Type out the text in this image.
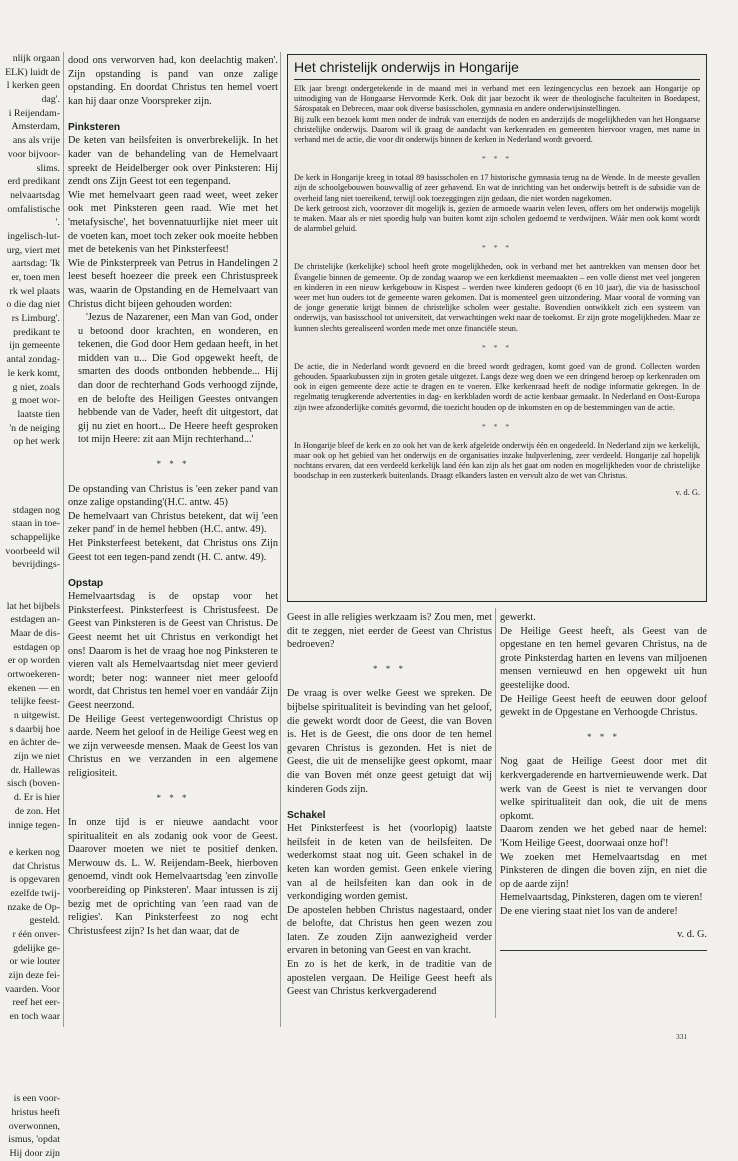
nlijk orgaan
ELK) luidt de
l kerken geen
dag'.
i Reijendam-
Amsterdam,
ans als vrije
voor bijvoor-
slims.
erd predikant
nelvaartsdag
omfalistische
'.
ingelisch-lut-
urg, viert met
aartsdag: 'Ik
er, toen men
rk wel plaats
o die dag niet
rs Limburg'.
predikant te
ijn gemeente
antal zondag-
le kerk komt,
g niet, zoals
g moet wor-
laatste tien
'n de neiging
op het werk
stdagen nog
staan in toe-
schappelijke
voorbeeld wil
bevrijdings-
lat het bijbels
estdagen an-
Maar de dis-
estdagen op
er op worden
ortwoekeren-
ekenen — en
telijke feest-
n uitgewist.
s daarbij hoe
en ächter de-
zijn we niet
dr. Hallewas
sisch (boven-
d. Er is hier
de zon. Het
innige tegen-
e kerken nog
dat Christus
is opgevaren
ezelfde twij-
nzake de Op-
gesteld.
r één onver-
gdelijke ge-
or wie louter
zijn deze fei-
vaarden. Voor
reef het eer-
en toch waar
is een voor-
hristus heeft
overwonnen,
ismus, 'opdat
Hij door zijn

dood ons verworven had, kon deelachtig maken'. Zijn opstanding is pand van onze zalige opstanding. En doordat Christus ten hemel voert kan hij daar onze Voorspreker zijn.

Pinksteren

De keten van heilsfeiten is onverbrekelijk. In het kader van de behandeling van de Hemelvaart spreekt de Heidelberger ook over Pinksteren: Hij zendt ons Zijn Geest tot een tegenpand.

Wie met hemelvaart geen raad weet, weet zeker ook met Pinksteren geen raad. Wie met het 'metafysische', het bovennatuurlijke niet meer uit de voeten kan, moet toch zeker ook moeite hebben met de betekenis van het Pinksterfeest!

Wie de Pinksterpreek van Petrus in Handelingen 2 leest beseft hoezeer die preek een Christuspreek was, waarin de Opstanding en de Hemelvaart van Christus dicht bijeen gehouden worden:

'Jezus de Nazarener, een Man van God, onder u betoond door krachten, en wonderen, en tekenen, die God door Hem gedaan heeft, in het midden van u... Die God opgewekt heeft, de smarten des doods ontbonden hebbende... Hij dan door de rechterhand Gods verhoogd zijnde, en de belofte des Heiligen Geestes ontvangen hebbende van de Vader, heeft dit uitgestort, dat gij nu ziet en hoort... De Heere heeft gesproken tot mijn Heere: zit aan Mijn rechterhand...'

* * *

De opstanding van Christus is 'een zeker pand van onze zalige opstanding'(H.C. antw. 45)

De hemelvaart van Christus betekent, dat wij 'een zeker pand' in de hemel hebben (H.C. antw. 49).

Het Pinksterfeest betekent, dat Christus ons Zijn Geest tot een tegen-pand zendt (H. C. antw. 49).

Opstap

Hemelvaartsdag is de opstap voor het Pinksterfeest. Pinksterfeest is Christusfeest. De Geest van Pinksteren is de Geest van Christus. De Geest neemt het uit Christus en verkondigt het ons! Daarom is het de vraag hoe nog Pinksteren te vieren valt als Hemelvaartsdag niet meer gevierd wordt; beter nog: wanneer niet meer geloofd wordt, dat Christus ten hemel voer en vandáár Zijn Geest neerzond.

De Heilige Geest vertegenwoordigt Christus op aarde. Neem het geloof in de Heilige Geest weg en we zijn verweesde mensen. Maak de Geest los van Christus en we verzanden in een algemene religiositeit.

* * *

In onze tijd is er nieuwe aandacht voor spiritualiteit en als zodanig ook voor de Geest. Daarover moeten we niet te positief denken. Merwouw ds. L. W. Reijendam-Beek, hierboven genoemd, vindt ook Hemelvaartsdag 'een zinvolle voorbereiding op Pinksteren'. Maar intussen is zij bezig met de oprichting van 'een raad van de religies'. Kan Pinksterfeest zo nog echt Christusfeest zijn? Is het dan waar, dat de

Het christelijk onderwijs in Hongarije

Elk jaar brengt ondergetekende in de maand mei in verband met een lezingencyclus een bezoek aan Hongarije op uitnodiging van de Hongaarse Hervormde Kerk. Ook dit jaar bezocht ik weer de theologische faculteiten in Boedapest, Sárospatak en Debrecen, maar ook diverse basisscholen, gymnasia en andere onderwijsinstellingen.

Bij zulk een bezoek komt men onder de indruk van enerzijds de noden en anderzijds de mogelijkheden van het Hongaarse christelijke onderwijs. Daarom wil ik graag de aandacht van kerkenraden en gemeenten hiervoor vragen, met name in verband met de actie, die voor dit onderwijs binnen de kerken in Nederland wordt gevoerd.

* * *

De kerk in Hongarije kreeg in totaal 89 basisscholen en 17 historische gymnasia terug na de Wende. In de meeste gevallen zijn de schoolgebouwen bouwvallig of zeer gehavend. En wat de inrichting van het onderwijs betreft is de subsidie van de overheid lang niet toereikend, terwijl ook toezeggingen zijn gedaan, die niet worden nagekomen.

De kerk getroost zich, voorzover dit mogelijk is, gezien de armoede waarin velen leven, offers om het onderwijs mogelijk te maken. Maar als er niet spoedig hulp van buiten komt zijn scholen gedoemd te verdwijnen. Wáár men ook komt wordt de alarmbel geluid.

* * *

De christelijke (kerkelijke) school heeft grote mogelijkheden, ook in verband met het aantrekken van mensen door het Évangelie binnen de gemeente. Op de zondag waarop we een kerkdienst meemaakten – een volle dienst met veel jongeren en kinderen in een nieuw kerkgebouw in Kispest – werden twee kinderen gedoopt (6 en 10 jaar), die via de basisschool weer met hun ouders tot de gemeente waren gekomen. Dat is momenteel geen uitzondering. Maar vooral de vorming van de jonge generatie krijgt binnen de christelijke scholen weer gestalte. Bovendien ontwikkelt zich een systeem van onderwijs, van basisschool tot universiteit, dat verwachtingen wekt naar de toekomst. Er zijn grote mogelijkheden. Maar ze kunnen slechts gerealiseerd worden mede met onze financiële steun.

* * *

De actie, die in Nederland wordt gevoerd en die breed wordt gedragen, komt goed van de grond. Collecten worden gehouden. Spaarkubussen zijn in groten getale uitgezet. Langs deze weg doen we een dringend beroep op kerkenraden om ook in eigen gemeente deze actie te dragen en te voeren. Elke kerkenraad heeft de nodige informatie gekregen. In de regelmatig terugkerende advertenties in dag- en kerkbladen wordt de actie kenbaar gemaakt. In Nederland en Oost-Europa zijn twee afzonderlijke comités gevormd, die toezicht houden op de inkomsten en op de bestemmingen van de actie.

* * *

In Hongarije bleef de kerk en zo ook het van de kerk afgeleide onderwijs één en ongedeeld. In Nederland zijn we kerkelijk, maar ook op het gebied van het onderwijs en de organisaties inzake hulpverlening, zeer verdeeld. Hongarije zal hopelijk nochtans ervaren, dat een verdeeld kerkelijk land één kan zijn als het gaat om noden en mogelijkheden voor de christelijke boodschap in een zusterkerk buitenlands. Draagt elkanders lasten en vervult alzo de wet van Christus.

v. d. G.

Geest in alle religies werkzaam is? Zou men, met dit te zeggen, niet eerder de Geest van Christus bedroeven?

* * *

De vraag is over welke Geest we spreken. De bijbelse spiritualiteit is bevinding van het geloof, die gewekt wordt door de Geest, die van Boven is. Het is de Geest, die ons door de ten hemel gevaren Christus is gezonden. Het is niet de Geest, die uit de menselijke geest opkomt, maar die van Boven mét onze geest getuigt dat wij kinderen Gods zijn.

Schakel

Het Pinksterfeest is het (voorlopig) laatste heilsfeit in de keten van de heilsfeiten. De wederkomst staat nog uit. Geen schakel in de keten kan worden gemist. Geen enkele viering van al de heilsfeiten kan dan ook in de verkondiging worden gemist.

De apostelen hebben Christus nagestaard, onder de belofte, dat Christus hen geen wezen zou laten. Ze zouden Zijn aanwezigheid verder ervaren in betoning van Geest en van kracht.

En zo is het de kerk, in de traditie van de apostelen vergaan. De Heilige Geest heeft als Geest van Christus kerkvergaderend

gewerkt.

De Heilige Geest heeft, als Geest van de opgestane en ten hemel gevaren Christus, na de grote Pinksterdag harten en levens van miljoenen mensen vernieuwd en hen opgewekt uit hun geestelijke dood.

De Heilige Geest heeft de eeuwen door geloof gewekt in de Opgestane en Verhoogde Christus.

* * *

Nog gaat de Heilige Geest door met dit kerkvergaderende en hartvernieuwende werk. Dat werk van de Geest is niet te vervangen door welke spiritualiteit dan ook, die uit de mens opkomt.

Daarom zenden we het gebed naar de hemel: 'Kom Heilige Geest, doorwaai onze hof'!

We zoeken met Hemelvaartsdag en met Pinksteren de dingen die boven zijn, en niet die op de aarde zijn!

Hemelvaartsdag, Pinksteren, dagen om te vieren!

De ene viering staat niet los van de andere!

v. d. G.
331
